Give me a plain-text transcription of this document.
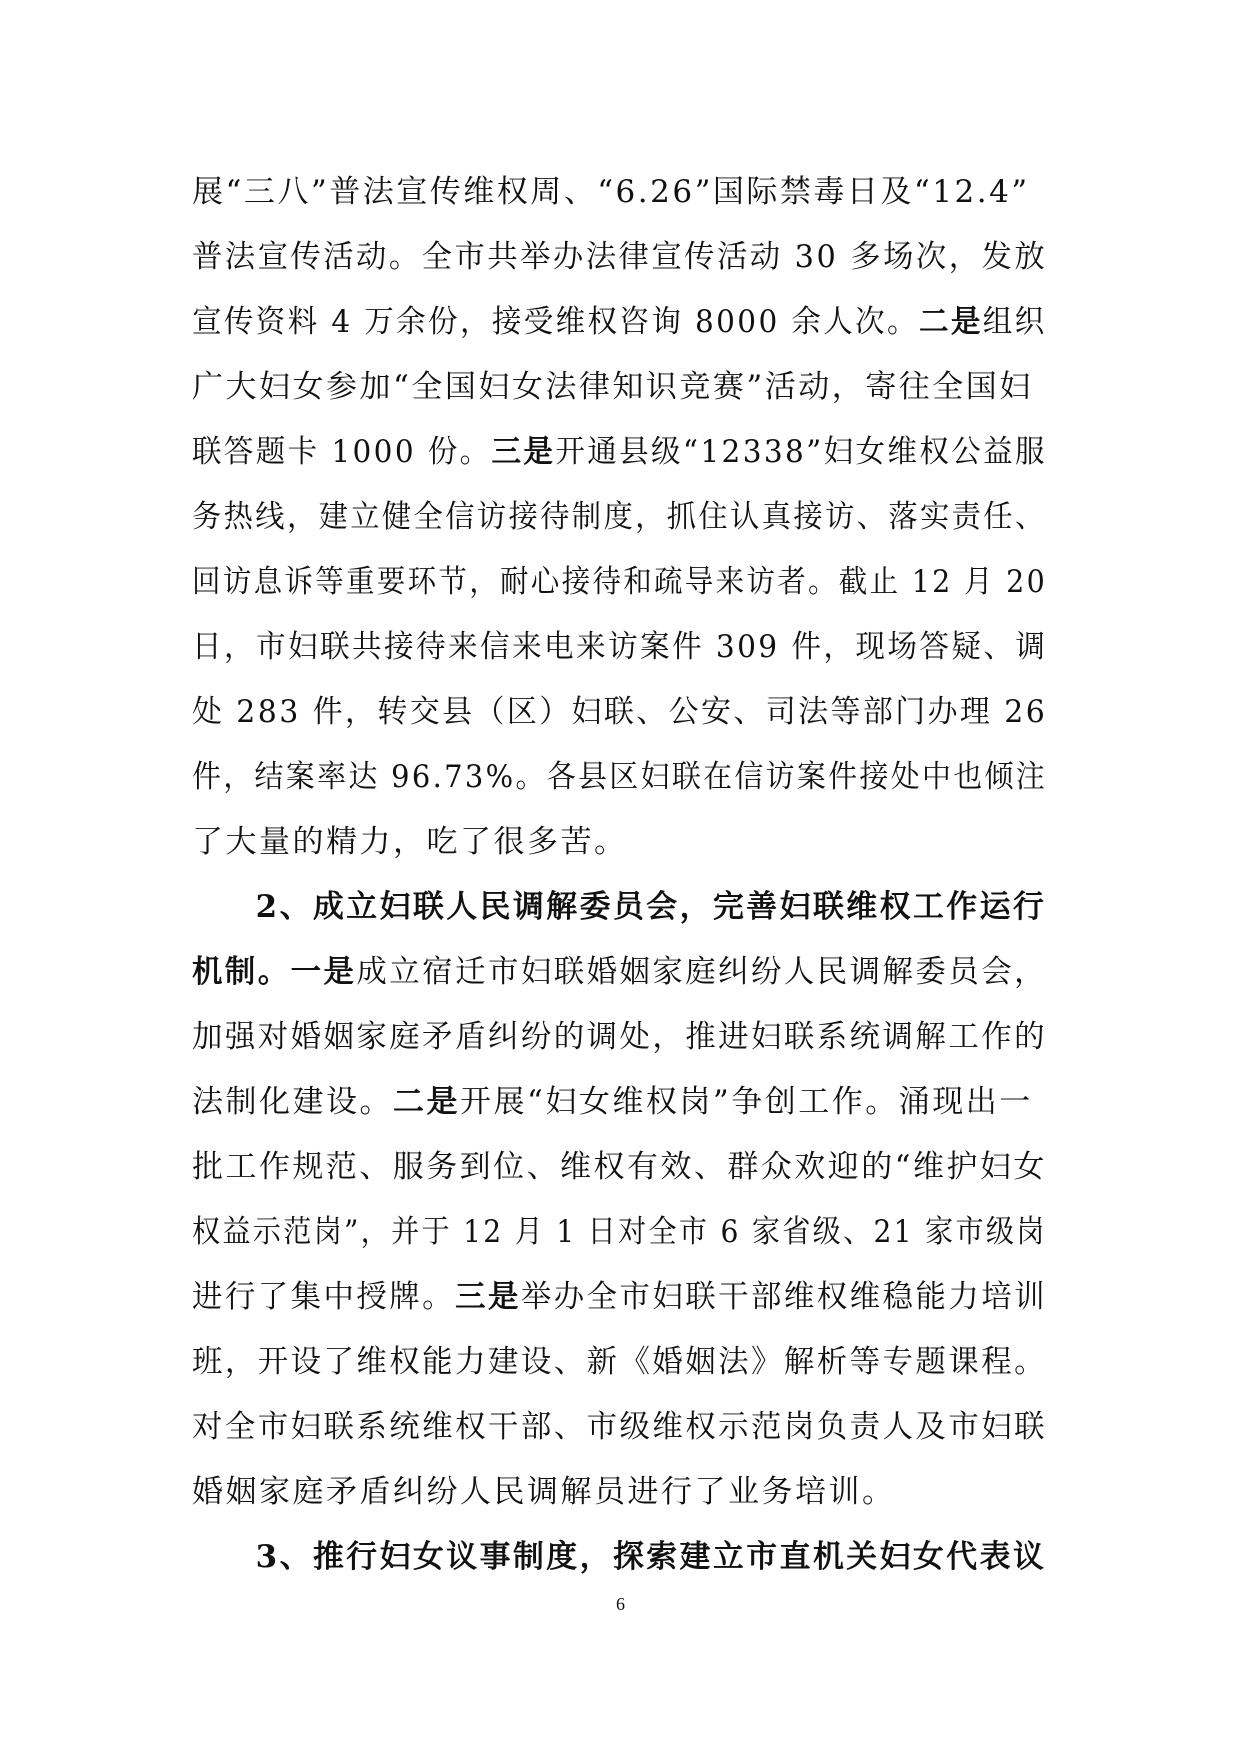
展“三八”普法宣传维权周、“6.26”国际禁毒日及“12.4”
普法宣传活动。全市共举办法律宣传活动 30 多场次，发放
宣传资料 4 万余份，接受维权咨询 8000 余人次。二是组织
广大妇女参加“全国妇女法律知识竞赛”活动，寄往全国妇
联答题卡 1000 份。三是开通县级“12338”妇女维权公益服
务热线，建立健全信访接待制度，抓住认真接访、落实责任、
回访息诉等重要环节，耐心接待和疏导来访者。截止 12 月 20
日，市妇联共接待来信来电来访案件 309 件，现场答疑、调
处 283 件，转交县（区）妇联、公安、司法等部门办理 26
件，结案率达 96.73%。各县区妇联在信访案件接处中也倾注
了大量的精力，吃了很多苦。
2、成立妇联人民调解委员会，完善妇联维权工作运行
机制。一是成立宿迁市妇联婚姻家庭纠纷人民调解委员会，
加强对婚姻家庭矛盾纠纷的调处，推进妇联系统调解工作的
法制化建设。二是开展“妇女维权岗”争创工作。涌现出一
批工作规范、服务到位、维权有效、群众欢迎的“维护妇女
权益示范岗”，并于 12 月 1 日对全市 6 家省级、21 家市级岗
进行了集中授牌。三是举办全市妇联干部维权维稳能力培训
班，开设了维权能力建设、新《婚姻法》解析等专题课程。
对全市妇联系统维权干部、市级维权示范岗负责人及市妇联
婚姻家庭矛盾纠纷人民调解员进行了业务培训。
3、推行妇女议事制度，探索建立市直机关妇女代表议
6
